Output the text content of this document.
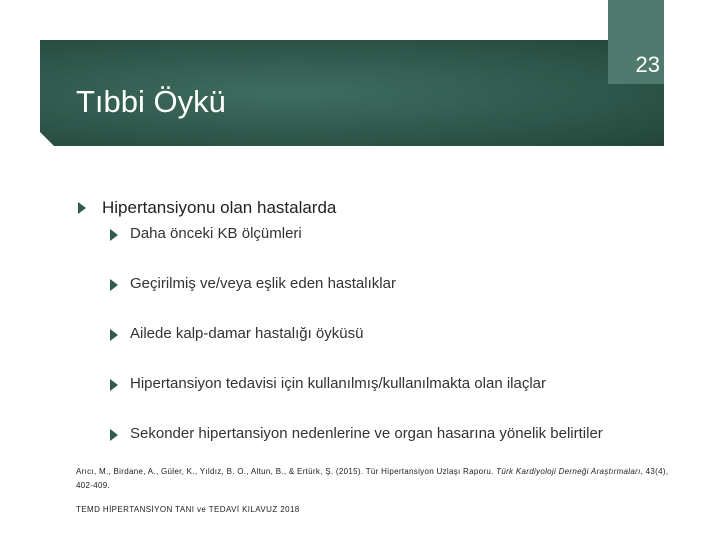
23
Tıbbi Öykü
Hipertansiyonu olan hastalarda
Daha önceki KB ölçümleri
Geçirilmiş ve/veya eşlik eden hastalıklar
Ailede kalp-damar hastalığı öyküsü
Hipertansiyon tedavisi için kullanılmış/kullanılmakta olan ilaçlar
Sekonder hipertansiyon nedenlerine ve organ hasarına yönelik belirtiler
Arıcı, M., Birdane, A., Güler, K., Yıldız, B. O., Altun, B., & Ertürk, Ş. (2015). Tür Hipertansiyon Uzlaşı Raporu. Türk Kardiyoloji Derneği Araştırmaları, 43(4), 402-409.
TEMD HİPERTANSİYON TANI ve TEDAVİ KILAVUZ 2018
